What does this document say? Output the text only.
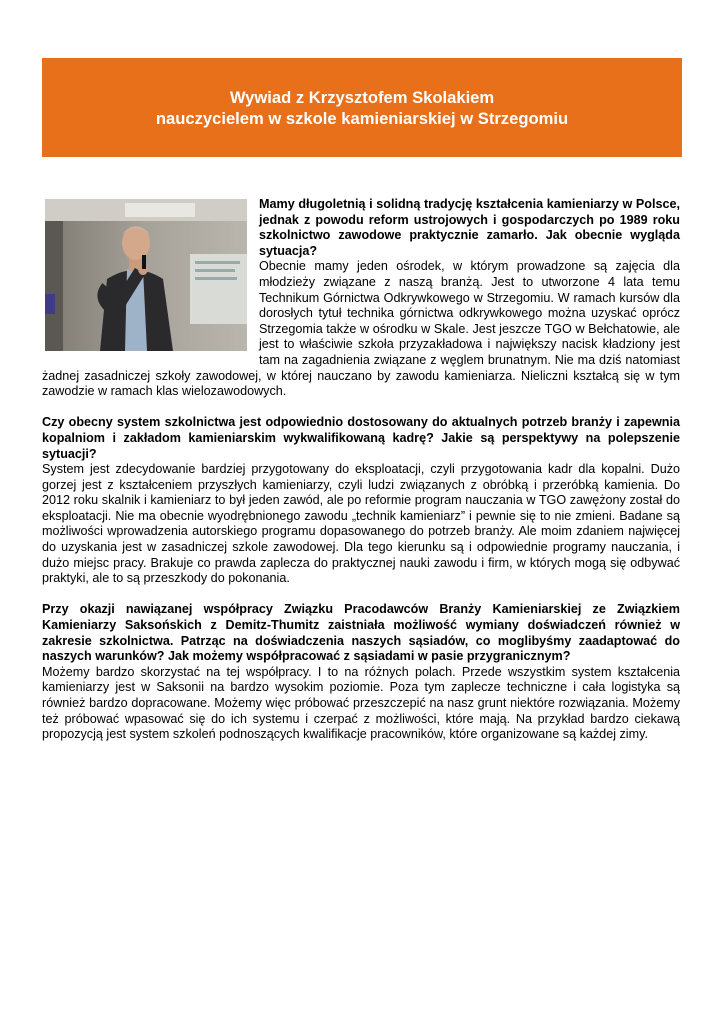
Wywiad z Krzysztofem Skolakiem
nauczycielem w szkole kamieniarskiej w Strzegomiu

Mamy długoletnią i solidną tradycję kształcenia kamieniarzy w Polsce, jednak z powodu reform ustrojowych i gospodarczych po 1989 roku szkolnictwo zawodowe praktycznie zamarło. Jak obecnie wygląda sytuacja?
Obecnie mamy jeden ośrodek, w którym prowadzone są zajęcia dla młodzieży związane z naszą branżą. Jest to utworzone 4 lata temu Technikum Górnictwa Odkrywkowego w Strzegomiu. W ramach kursów dla dorosłych tytuł technika górnictwa odkrywkowego można uzyskać oprócz Strzegomia także w ośrodku w Skale. Jest jeszcze TGO w Bełchatowie, ale jest to właściwie szkoła przyzakładowa i największy nacisk kładziony jest tam na zagadnienia związane z węglem brunatnym. Nie ma dziś natomiast żadnej zasadniczej szkoły zawodowej, w której nauczano by zawodu kamieniarza. Nieliczni kształcą się w tym zawodzie w ramach klas wielozawodowych.

Czy obecny system szkolnictwa jest odpowiednio dostosowany do aktualnych potrzeb branży i zapewnia kopalniom i zakładom kamieniarskim wykwalifikowaną kadrę? Jakie są perspektywy na polepszenie sytuacji?
System jest zdecydowanie bardziej przygotowany do eksploatacji, czyli przygotowania kadr dla kopalni. Dużo gorzej jest z kształceniem przyszłych kamieniarzy, czyli ludzi związanych z obróbką i przeróbką kamienia. Do 2012 roku skalnik i kamieniarz to był jeden zawód, ale po reformie program nauczania w TGO zawężony został do eksploatacji. Nie ma obecnie wyodrębnionego zawodu „technik kamieniarz” i pewnie się to nie zmieni. Badane są możliwości wprowadzenia autorskiego programu dopasowanego do potrzeb branży. Ale moim zdaniem najwięcej do uzyskania jest w zasadniczej szkole zawodowej. Dla tego kierunku są i odpowiednie programy nauczania, i dużo miejsc pracy. Brakuje co prawda zaplecza do praktycznej nauki zawodu i firm, w których mogą się odbywać praktyki, ale to są przeszkody do pokonania.

Przy okazji nawiązanej współpracy Związku Pracodawców Branży Kamieniarskiej ze Związkiem Kamieniarzy Saksońskich z Demitz-Thumitz zaistniała możliwość wymiany doświadczeń również w zakresie szkolnictwa. Patrząc na doświadczenia naszych sąsiadów, co moglibyśmy zaadaptować do naszych warunków? Jak możemy współpracować z sąsiadami w pasie przygranicznym?
Możemy bardzo skorzystać na tej współpracy. I to na różnych polach. Przede wszystkim system kształcenia kamieniarzy jest w Saksonii na bardzo wysokim poziomie. Poza tym zaplecze techniczne i cała logistyka są również bardzo dopracowane. Możemy więc próbować przeszczepić na nasz grunt niektóre rozwiązania. Możemy też próbować wpasować się do ich systemu i czerpać z możliwości, które mają. Na przykład bardzo ciekawą propozycją jest system szkoleń podnoszących kwalifikacje pracowników, które organizowane są każdej zimy.
